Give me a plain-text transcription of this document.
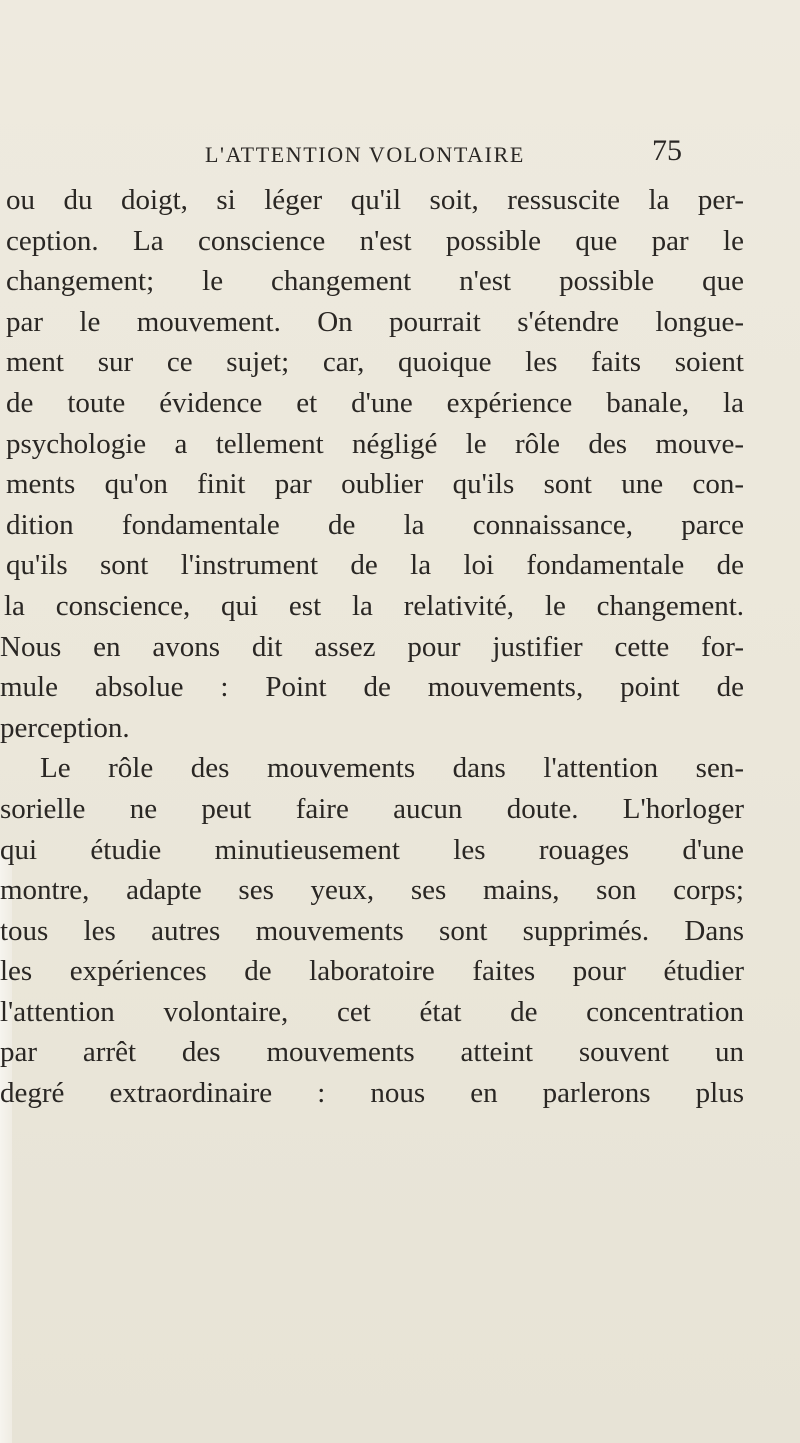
L'ATTENTION VOLONTAIRE	75
ou du doigt, si léger qu'il soit, ressuscite la per-
ception. La conscience n'est possible que par le
changement; le changement n'est possible que
par le mouvement. On pourrait s'étendre longue-
ment sur ce sujet; car, quoique les faits soient
de toute évidence et d'une expérience banale, la
psychologie a tellement négligé le rôle des mouve-
ments qu'on finit par oublier qu'ils sont une con-
dition fondamentale de la connaissance, parce
qu'ils sont l'instrument de la loi fondamentale de
la conscience, qui est la relativité, le changement.
Nous en avons dit assez pour justifier cette for-
mule absolue : Point de mouvements, point de
perception.
Le rôle des mouvements dans l'attention sen-
sorielle ne peut faire aucun doute. L'horloger
qui étudie minutieusement les rouages d'une
montre, adapte ses yeux, ses mains, son corps;
tous les autres mouvements sont supprimés. Dans
les expériences de laboratoire faites pour étudier
l'attention volontaire, cet état de concentration
par arrêt des mouvements atteint souvent un
degré extraordinaire : nous en parlerons plus
